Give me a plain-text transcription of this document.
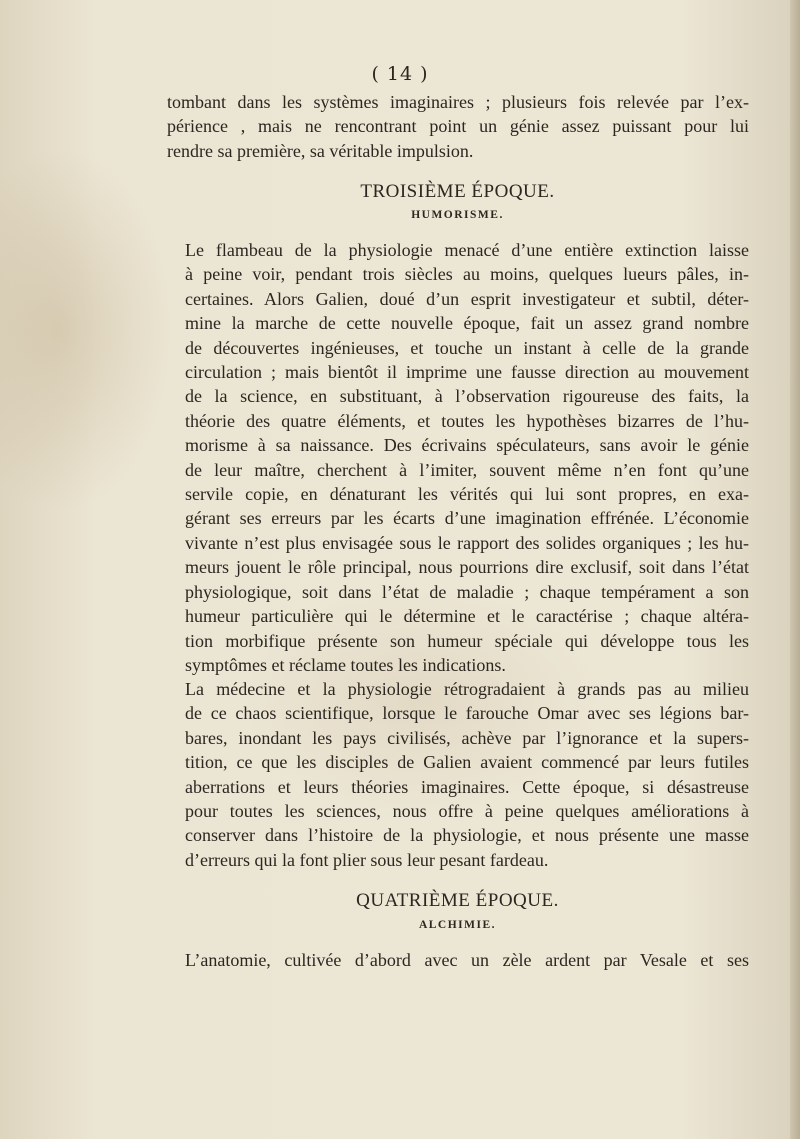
( 14 )
tombant dans les systèmes imaginaires ; plusieurs fois relevée par l’ex-
périence , mais ne rencontrant point un génie assez puissant pour lui
rendre sa première, sa véritable impulsion.
TROISIÈME ÉPOQUE.
HUMORISME.
Le flambeau de la physiologie menacé d’une entière extinction laisse
à peine voir, pendant trois siècles au moins, quelques lueurs pâles, in-
certaines. Alors Galien, doué d’un esprit investigateur et subtil, déter-
mine la marche de cette nouvelle époque, fait un assez grand nombre
de découvertes ingénieuses, et touche un instant à celle de la grande
circulation ; mais bientôt il imprime une fausse direction au mouvement
de la science, en substituant, à l’observation rigoureuse des faits, la
théorie des quatre éléments, et toutes les hypothèses bizarres de l’hu-
morisme à sa naissance. Des écrivains spéculateurs, sans avoir le génie
de leur maître, cherchent à l’imiter, souvent même n’en font qu’une
servile copie, en dénaturant les vérités qui lui sont propres, en exa-
gérant ses erreurs par les écarts d’une imagination effrénée. L’économie
vivante n’est plus envisagée sous le rapport des solides organiques ; les hu-
meurs jouent le rôle principal, nous pourrions dire exclusif, soit dans l’état
physiologique, soit dans l’état de maladie ; chaque tempérament a son
humeur particulière qui le détermine et le caractérise ; chaque altéra-
tion morbifique présente son humeur spéciale qui développe tous les
symptômes et réclame toutes les indications.
La médecine et la physiologie rétrogradaient à grands pas au milieu
de ce chaos scientifique, lorsque le farouche Omar avec ses légions bar-
bares, inondant les pays civilisés, achève par l’ignorance et la supers-
tition, ce que les disciples de Galien avaient commencé par leurs futiles
aberrations et leurs théories imaginaires. Cette époque, si désastreuse
pour toutes les sciences, nous offre à peine quelques améliorations à
conserver dans l’histoire de la physiologie, et nous présente une masse
d’erreurs qui la font plier sous leur pesant fardeau.
QUATRIÈME ÉPOQUE.
ALCHIMIE.
L’anatomie, cultivée d’abord avec un zèle ardent par Vesale et ses
